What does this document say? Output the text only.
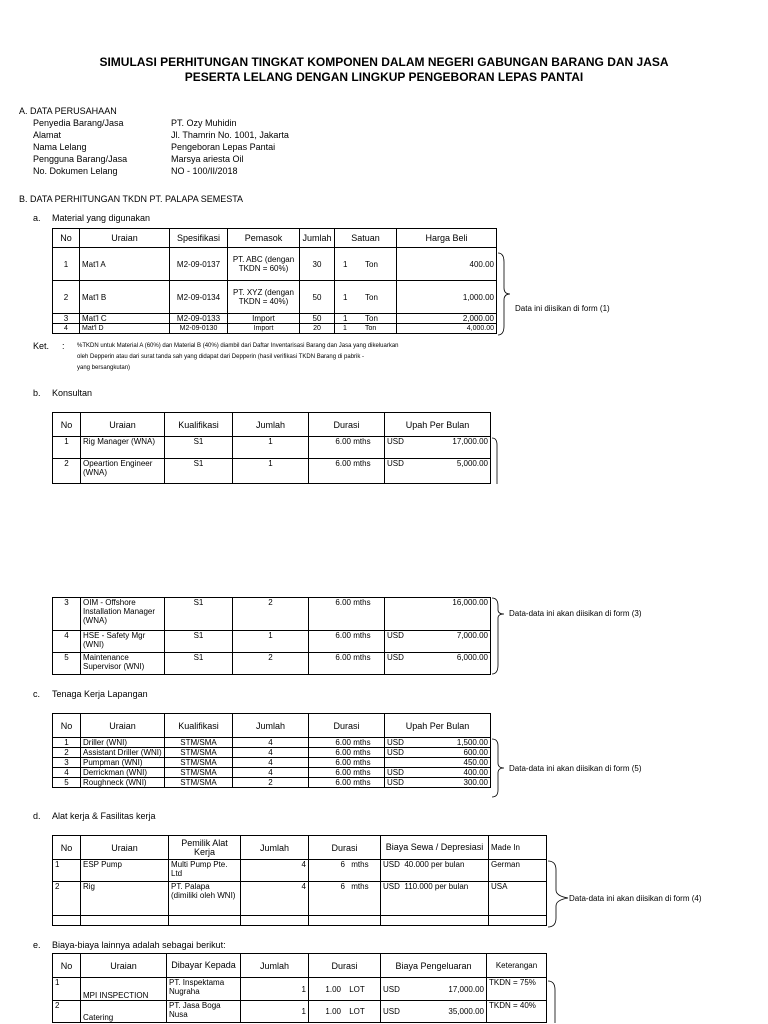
SIMULASI PERHITUNGAN TINGKAT KOMPONEN DALAM NEGERI GABUNGAN BARANG DAN JASA
PESERTA LELANG DENGAN LINGKUP PENGEBORAN LEPAS PANTAI
A. DATA PERUSAHAAN
Penyedia Barang/Jasa	PT. Ozy Muhidin
Alamat	Jl. Thamrin No. 1001, Jakarta
Nama Lelang	Pengeboran Lepas Pantai
Pengguna Barang/Jasa	Marsya ariesta Oil
No. Dokumen Lelang	NO - 100/II/2018
B. DATA PERHITUNGAN TKDN PT. PALAPA SEMESTA
a. Material yang digunakan
No	Uraian	Spesifikasi	Pemasok	Jumlah	Satuan	Harga Beli
1	Mat'l A	M2-09-0137	PT. ABC (dengan TKDN = 60%)	30	1 Ton	400.00
2	Mat'l B	M2-09-0134	PT. XYZ (dengan TKDN = 40%)	50	1 Ton	1,000.00
3	Mat'l C	M2-09-0133	Import	50	1 Ton	2,000.00
4	Mat'l D	M2-09-0130	Import	20	1 Ton	4,000.00
Data ini diisikan di form (1)
Ket. : %TKDN untuk Material A (60%) dan Material B (40%) diambil dari Daftar Inventarisasi Barang dan Jasa yang dikeluarkan
oleh Depperin atau dari surat tanda sah yang didapat dari Depperin (hasil verifikasi TKDN Barang di pabrik -
yang bersangkutan)
b. Konsultan
No	Uraian	Kualifikasi	Jumlah	Durasi	Upah Per Bulan
1	Rig Manager (WNA)	S1	1	6.00 mths	USD 17,000.00

2	Opeartion Engineer (WNA)	S1	1	6.00 mths	USD 5,000.00
3	OIM - Offshore Installation Manager (WNA)	S1	2	6.00 mths	16,000.00

4	HSE - Safety Mgr (WNI)	S1	1	6.00 mths	USD 7,000.00

5	Maintenance Supervisor (WNI)	S1	2	6.00 mths	USD 6,000.00
Data-data ini akan diisikan di form (3)
c. Tenaga Kerja Lapangan
No	Uraian	Kualifikasi	Jumlah	Durasi	Upah Per Bulan
1	Driller (WNI)	STM/SMA	4	6.00 mths	USD 1,500.00

2	Assistant Driller (WNI)	STM/SMA	4	6.00 mths	USD 600.00

3	Pumpman (WNI)	STM/SMA	4	6.00 mths	450.00

4	Derrickman (WNI)	STM/SMA	4	6.00 mths	USD 400.00

5	Roughneck (WNI)	STM/SMA	2	6.00 mths	USD 300.00
Data-data ini akan diisikan di form (5)
d. Alat kerja & Fasilitas kerja
No	Uraian	Pemilik Alat Kerja	Jumlah	Durasi	Biaya Sewa / Depresiasi	Made In
1	ESP Pump	Multi Pump Pte. Ltd	4	6 mths	USD 40.000 per bulan	German
2	Rig	PT. Palapa (dimiliki oleh WNI)	4	6 mths	USD 110.000 per bulan	USA

Data-data ini akan diisikan di form (4)
e. Biaya-biaya lainnya adalah sebagai berikut:
No	Uraian	Dibayar Kepada	Jumlah	Durasi	Biaya Pengeluaran	Keterangan
1	MPI INSPECTION	PT. Inspektama Nugraha	1	1.00 LOT	USD 17,000.00	TKDN = 75%
2	Catering	PT. Jasa Boga Nusa	1	1.00 LOT	USD 35,000.00	TKDN = 40%
